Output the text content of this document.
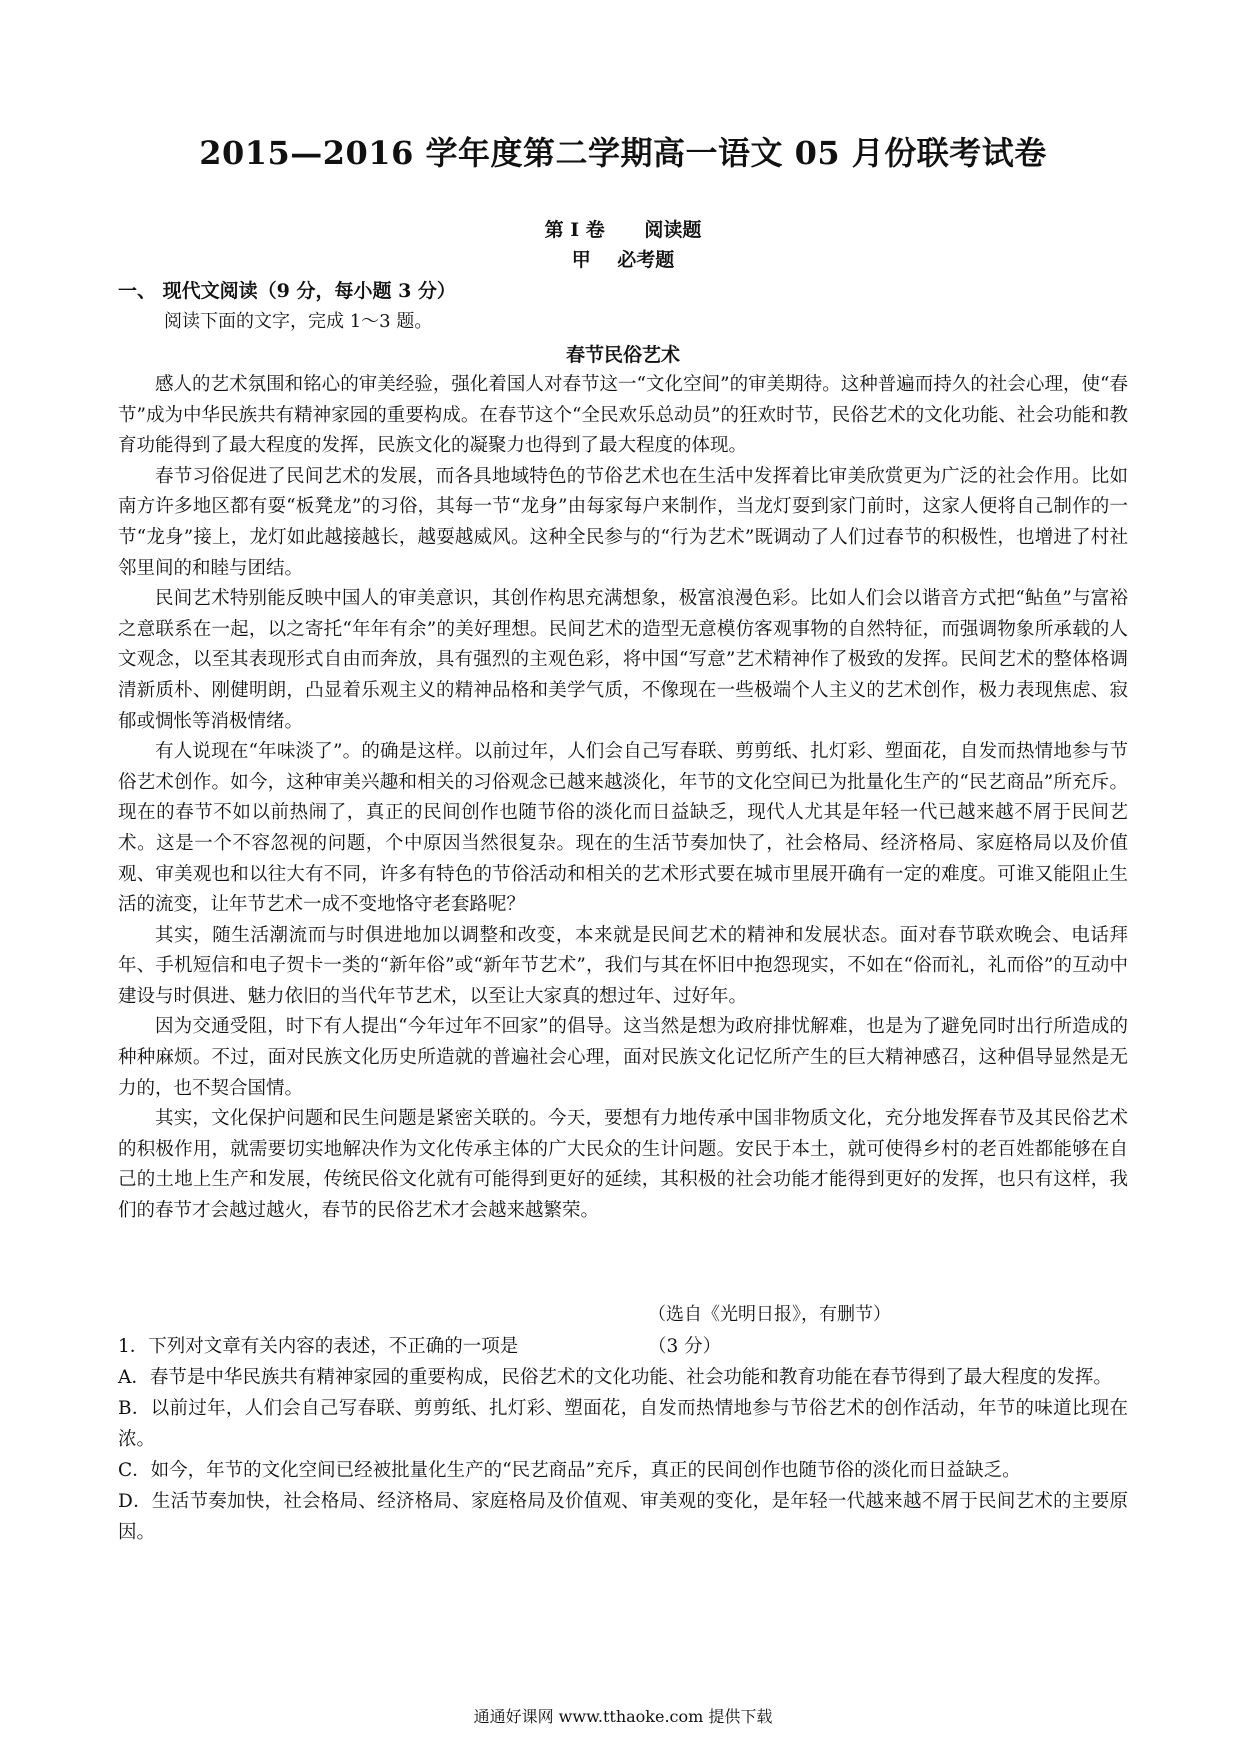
2015—2016 学年度第二学期高一语文 05 月份联考试卷
第 I 卷      阅读题
甲    必考题
一、 现代文阅读（9 分，每小题 3 分）
阅读下面的文字，完成 1～3 题。
春节民俗艺术

感人的艺术氛围和铭心的审美经验，强化着国人对春节这一“文化空间”的审美期待。这种普遍而持久的社会心理，使“春节”成为中华民族共有精神家园的重要构成。在春节这个“全民欢乐总动员”的狂欢时节，民俗艺术的文化功能、社会功能和教育功能得到了最大程度的发挥，民族文化的凝聚力也得到了最大程度的体现。

春节习俗促进了民间艺术的发展，而各具地域特色的节俗艺术也在生活中发挥着比审美欣赏更为广泛的社会作用。比如南方许多地区都有耍“板凳龙”的习俗，其每一节“龙身”由每家每户来制作，当龙灯耍到家门前时，这家人便将自己制作的一节“龙身”接上，龙灯如此越接越长，越耍越威风。这种全民参与的“行为艺术”既调动了人们过春节的积极性，也增进了村社邻里间的和睦与团结。

民间艺术特别能反映中国人的审美意识，其创作构思充满想象，极富浪漫色彩。比如人们会以谐音方式把“鲇鱼”与富裕之意联系在一起，以之寄托“年年有余”的美好理想。民间艺术的造型无意模仿客观事物的自然特征，而强调物象所承载的人文观念，以至其表现形式自由而奔放，具有强烈的主观色彩，将中国“写意”艺术精神作了极致的发挥。民间艺术的整体格调清新质朴、刚健明朗，凸显着乐观主义的精神品格和美学气质，不像现在一些极端个人主义的艺术创作，极力表现焦虑、寂郁或惆怅等消极情绪。

有人说现在“年味淡了”。的确是这样。以前过年，人们会自己写春联、剪剪纸、扎灯彩、塑面花，自发而热情地参与节俗艺术创作。如今，这种审美兴趣和相关的习俗观念已越来越淡化，年节的文化空间已为批量化生产的“民艺商品”所充斥。现在的春节不如以前热闹了，真正的民间创作也随节俗的淡化而日益缺乏，现代人尤其是年轻一代已越来越不屑于民间艺术。这是一个不容忽视的问题，个中原因当然很复杂。现在的生活节奏加快了，社会格局、经济格局、家庭格局以及价值观、审美观也和以往大有不同，许多有特色的节俗活动和相关的艺术形式要在城市里展开确有一定的难度。可谁又能阻止生活的流变，让年节艺术一成不变地恪守老套路呢？

其实，随生活潮流而与时俱进地加以调整和改变，本来就是民间艺术的精神和发展状态。面对春节联欢晚会、电话拜年、手机短信和电子贺卡一类的“新年俗”或“新年节艺术”，我们与其在怀旧中抱怨现实，不如在“俗而礼，礼而俗”的互动中建设与时俱进、魅力依旧的当代年节艺术，以至让大家真的想过年、过好年。

因为交通受阻，时下有人提出“今年过年不回家”的倡导。这当然是想为政府排忧解难，也是为了避免同时出行所造成的种种麻烦。不过，面对民族文化历史所造就的普遍社会心理，面对民族文化记忆所产生的巨大精神感召，这种倡导显然是无力的，也不契合国情。

其实，文化保护问题和民生问题是紧密关联的。今天，要想有力地传承中国非物质文化，充分地发挥春节及其民俗艺术的积极作用，就需要切实地解决作为文化传承主体的广大民众的生计问题。安民于本土，就可使得乡村的老百姓都能够在自己的土地上生产和发展，传统民俗文化就有可能得到更好的延续，其积极的社会功能才能得到更好的发挥，也只有这样，我们的春节才会越过越火，春节的民俗艺术才会越来越繁荣。

（选自《光明日报》，有删节）
1．下列对文章有关内容的表述，不正确的一项是	（3 分）

A．春节是中华民族共有精神家园的重要构成，民俗艺术的文化功能、社会功能和教育功能在春节得到了最大程度的发挥。

B．以前过年，人们会自己写春联、剪剪纸、扎灯彩、塑面花，自发而热情地参与节俗艺术的创作活动，年节的味道比现在浓。

C．如今，年节的文化空间已经被批量化生产的“民艺商品”充斥，真正的民间创作也随节俗的淡化而日益缺乏。

D．生活节奏加快，社会格局、经济格局、家庭格局及价值观、审美观的变化，是年轻一代越来越不屑于民间艺术的主要原因。

通通好课网 www.tthaoke.com 提供下载
